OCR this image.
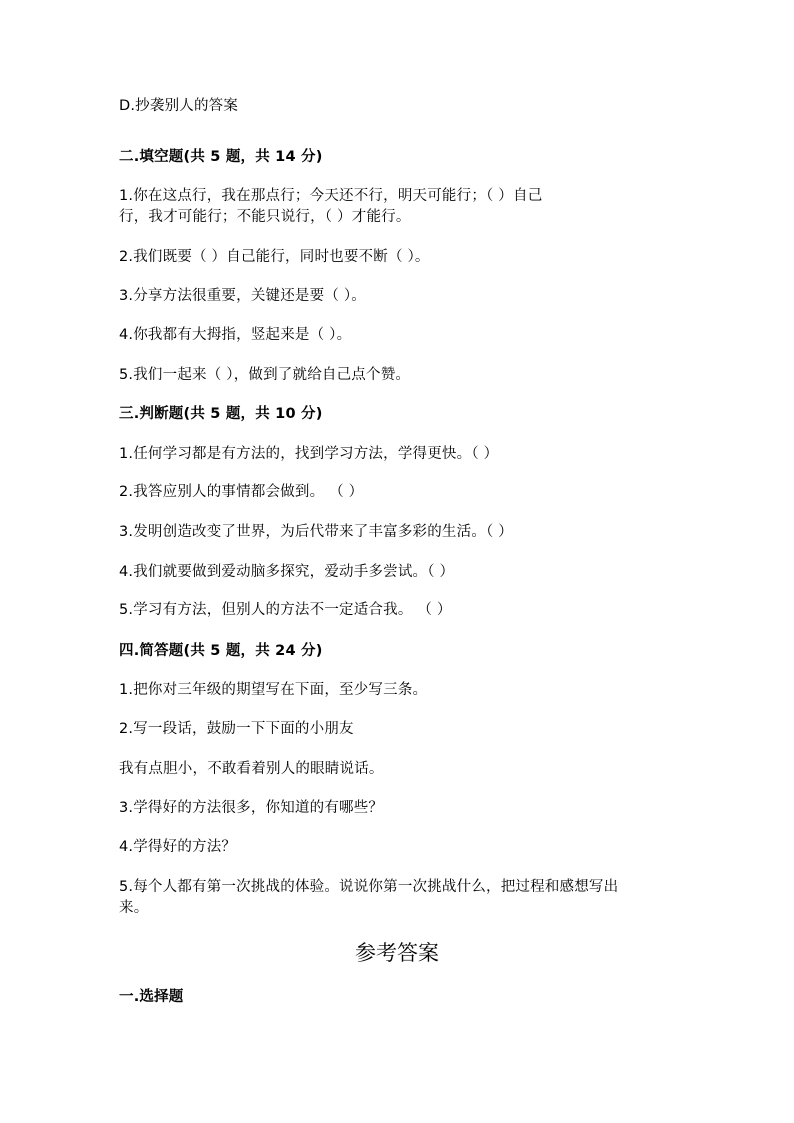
D.抄袭别人的答案
二.填空题(共 5 题，共 14 分)
1.你在这点行，我在那点行；今天还不行，明天可能行；（ ）自己
行，我才可能行；不能只说行，（ ）才能行。
2.我们既要（ ）自己能行，同时也要不断（ ）。
3.分享方法很重要，关键还是要（ ）。
4.你我都有大拇指，竖起来是（ ）。
5.我们一起来（ ），做到了就给自己点个赞。
三.判断题(共 5 题，共 10 分)
1.任何学习都是有方法的，找到学习方法，学得更快。（ ）
2.我答应别人的事情都会做到。 （ ）
3.发明创造改变了世界，为后代带来了丰富多彩的生活。（ ）
4.我们就要做到爱动脑多探究，爱动手多尝试。（ ）
5.学习有方法，但别人的方法不一定适合我。 （ ）
四.简答题(共 5 题，共 24 分)
1.把你对三年级的期望写在下面，至少写三条。
2.写一段话，鼓励一下下面的小朋友
我有点胆小，不敢看着别人的眼睛说话。
3.学得好的方法很多，你知道的有哪些？
4.学得好的方法？
5.每个人都有第一次挑战的体验。说说你第一次挑战什么，把过程和感想写出
来。
参考答案
一.选择题
